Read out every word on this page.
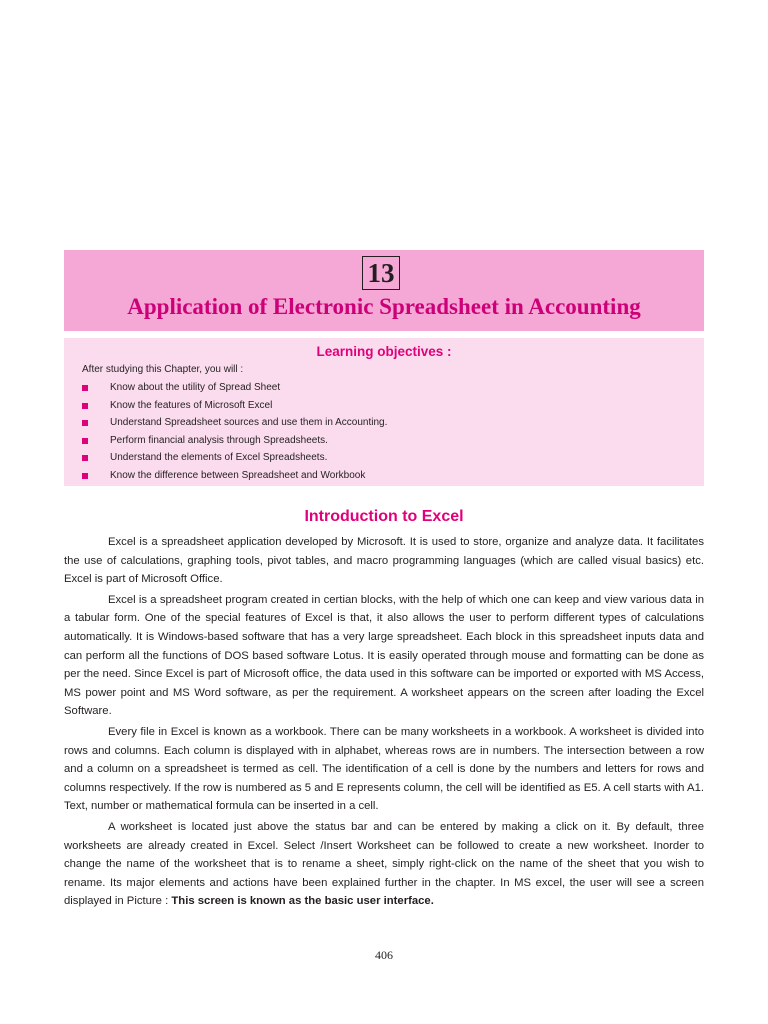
13
Application of Electronic Spreadsheet in Accounting
Learning objectives :
After studying this Chapter, you will :
Know about the utility of Spread Sheet
Know the features of Microsoft Excel
Understand Spreadsheet sources and use them in Accounting.
Perform financial analysis through Spreadsheets.
Understand the elements of Excel Spreadsheets.
Know the difference between Spreadsheet and Workbook
Introduction to Excel

Excel is a spreadsheet application developed by Microsoft. It is used to store, organize and analyze data. It facilitates the use of calculations, graphing tools, pivot tables, and macro programming languages (which are called visual basics) etc. Excel is part of Microsoft Office.

Excel is a spreadsheet program created in certian blocks, with the help of which one can keep and view various data in a tabular form. One of the special features of Excel is that, it also allows the user to perform different types of calculations automatically. It is Windows-based software that has a very large spreadsheet. Each block in this spreadsheet inputs data and can perform all the functions of DOS based software Lotus. It is easily operated through mouse and formatting can be done as per the need. Since Excel is part of Microsoft office, the data used in this software can be imported or exported with MS Access, MS power point and MS Word software, as per the requirement. A worksheet appears on the screen after loading the Excel Software.

Every file in Excel is known as a workbook. There can be many worksheets in a workbook. A worksheet is divided into rows and columns. Each column is displayed with in alphabet, whereas rows are in numbers. The intersection between a row and a column on a spreadsheet is termed as cell. The identification of a cell is done by the numbers and letters for rows and columns respectively. If the row is numbered as 5 and E represents column, the cell will be identified as E5. A cell starts with A1. Text, number or mathematical formula can be inserted in a cell.

A worksheet is located just above the status bar and can be entered by making a click on it. By default, three worksheets are already created in Excel. Select /Insert Worksheet can be followed to create a new worksheet. Inorder to change the name of the worksheet that is to rename a sheet, simply right-click on the name of the sheet that you wish to rename. Its major elements and actions have been explained further in the chapter. In MS excel, the user will see a screen displayed in Picture : This screen is known as the basic user interface.

406
